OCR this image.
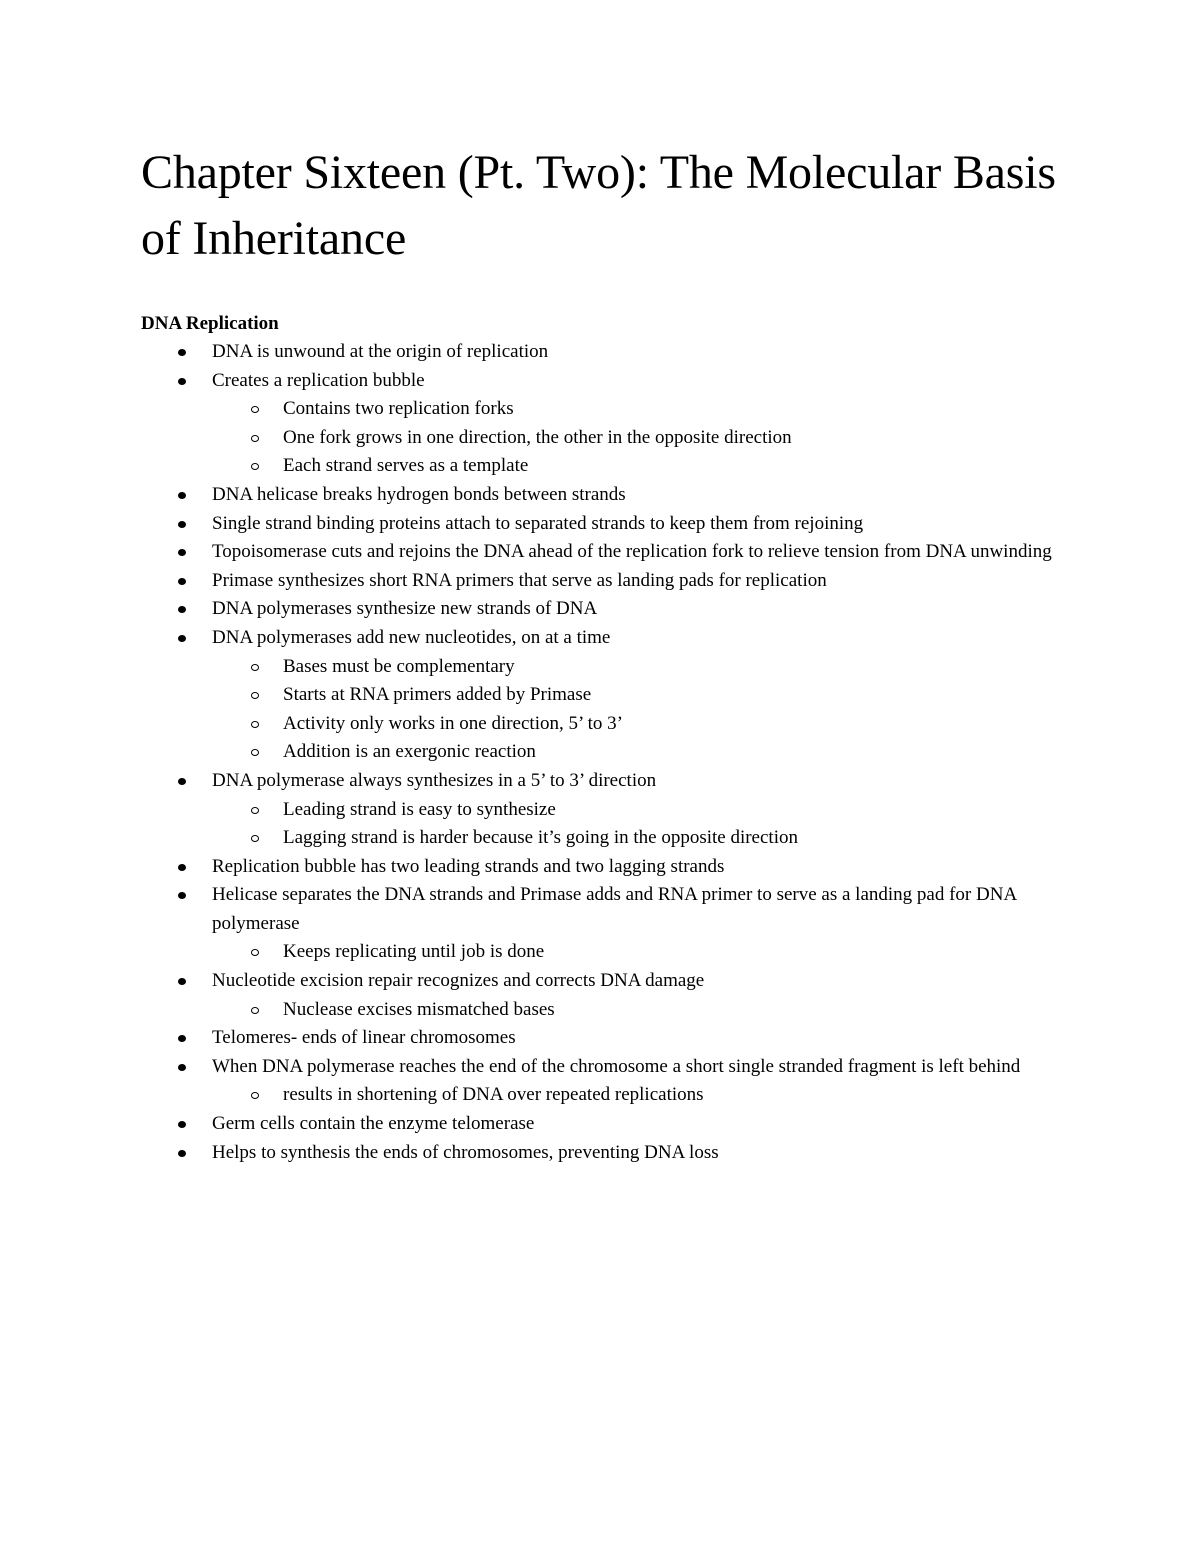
Chapter Sixteen (Pt. Two): The Molecular Basis of Inheritance
DNA Replication
DNA is unwound at the origin of replication
Creates a replication bubble
Contains two replication forks
One fork grows in one direction, the other in the opposite direction
Each strand serves as a template
DNA helicase breaks hydrogen bonds between strands
Single strand binding proteins attach to separated strands to keep them from rejoining
Topoisomerase cuts and rejoins the DNA ahead of the replication fork to relieve tension from DNA unwinding
Primase synthesizes short RNA primers that serve as landing pads for replication
DNA polymerases synthesize new strands of DNA
DNA polymerases add new nucleotides, on at a time
Bases must be complementary
Starts at RNA primers added by Primase
Activity only works in one direction, 5’ to 3’
Addition is an exergonic reaction
DNA polymerase always synthesizes in a 5’ to 3’ direction
Leading strand is easy to synthesize
Lagging strand is harder because it’s going in the opposite direction
Replication bubble has two leading strands and two lagging strands
Helicase separates the DNA strands and Primase adds and RNA primer to serve as a landing pad for DNA polymerase
Keeps replicating until job is done
Nucleotide excision repair recognizes and corrects DNA damage
Nuclease excises mismatched bases
Telomeres- ends of linear chromosomes
When DNA polymerase reaches the end of the chromosome a short single stranded fragment is left behind
results in shortening of DNA over repeated replications
Germ cells contain the enzyme telomerase
Helps to synthesis the ends of chromosomes, preventing DNA loss
